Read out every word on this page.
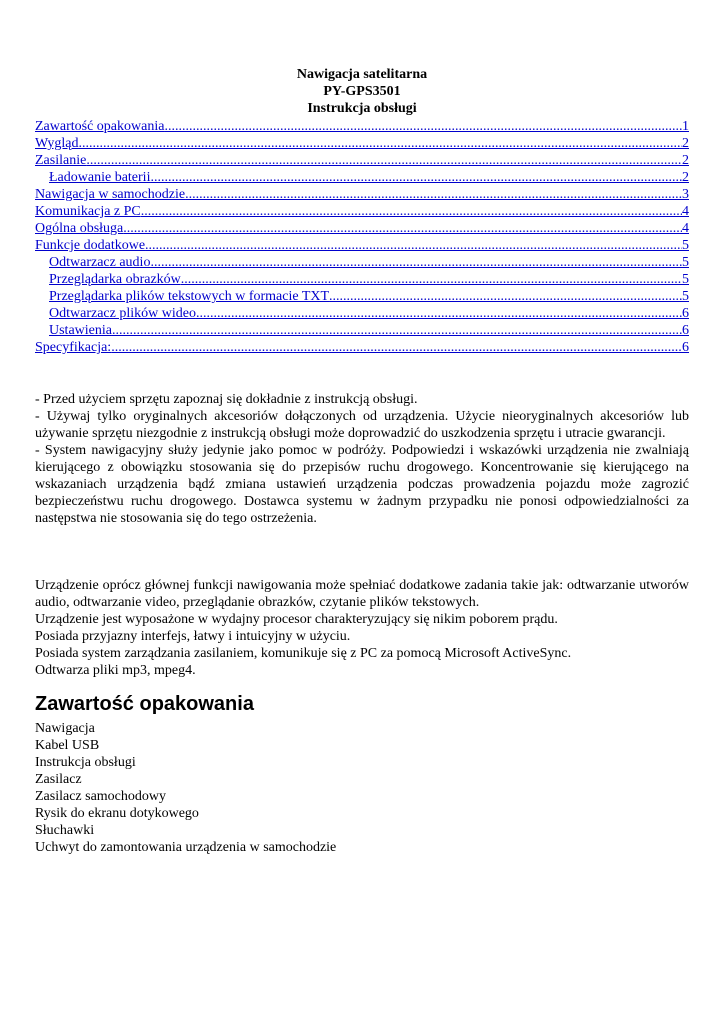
Nawigacja satelitarna
PY-GPS3501
Instrukcja obsługi
Zawartość opakowania .....	1
Wygląd .....	2
Zasilanie .....	2
Ładowanie baterii .....	2
Nawigacja w samochodzie .....	3
Komunikacja z PC .....	4
Ogólna obsługa .....	4
Funkcje dodatkowe .....	5
Odtwarzacz audio .....	5
Przeglądarka obrazków .....	5
Przeglądarka plików tekstowych w formacie TXT .....	5
Odtwarzacz plików wideo .....	6
Ustawienia .....	6
Specyfikacja: .....	6

- Przed użyciem sprzętu zapoznaj się dokładnie z instrukcją obsługi.

- Używaj tylko oryginalnych akcesoriów dołączonych od urządzenia. Użycie nieoryginalnych akcesoriów lub używanie sprzętu niezgodnie z instrukcją obsługi może doprowadzić do uszkodzenia sprzętu i utracie gwarancji.

- System nawigacyjny służy jedynie jako pomoc w podróży. Podpowiedzi i wskazówki urządzenia nie zwalniają kierującego z obowiązku stosowania się do przepisów ruchu drogowego. Koncentrowanie się kierującego na wskazaniach urządzenia bądź zmiana ustawień urządzenia podczas prowadzenia pojazdu może zagrozić bezpieczeństwu ruchu drogowego. Dostawca systemu w żadnym przypadku nie ponosi odpowiedzialności za następstwa nie stosowania się do tego ostrzeżenia.

Urządzenie oprócz głównej funkcji nawigowania może spełniać dodatkowe zadania takie jak: odtwarzanie utworów audio, odtwarzanie video, przeglądanie obrazków, czytanie plików tekstowych.

Urządzenie jest wyposażone w wydajny procesor charakteryzujący się nikim poborem prądu.

Posiada przyjazny interfejs, łatwy i intuicyjny w użyciu.

Posiada system zarządzania zasilaniem, komunikuje się z PC za pomocą Microsoft ActiveSync.

Odtwarza pliki mp3, mpeg4.

Zawartość opakowania
Nawigacja
Kabel USB
Instrukcja obsługi
Zasilacz
Zasilacz samochodowy
Rysik do ekranu dotykowego
Słuchawki
Uchwyt do zamontowania urządzenia w samochodzie
